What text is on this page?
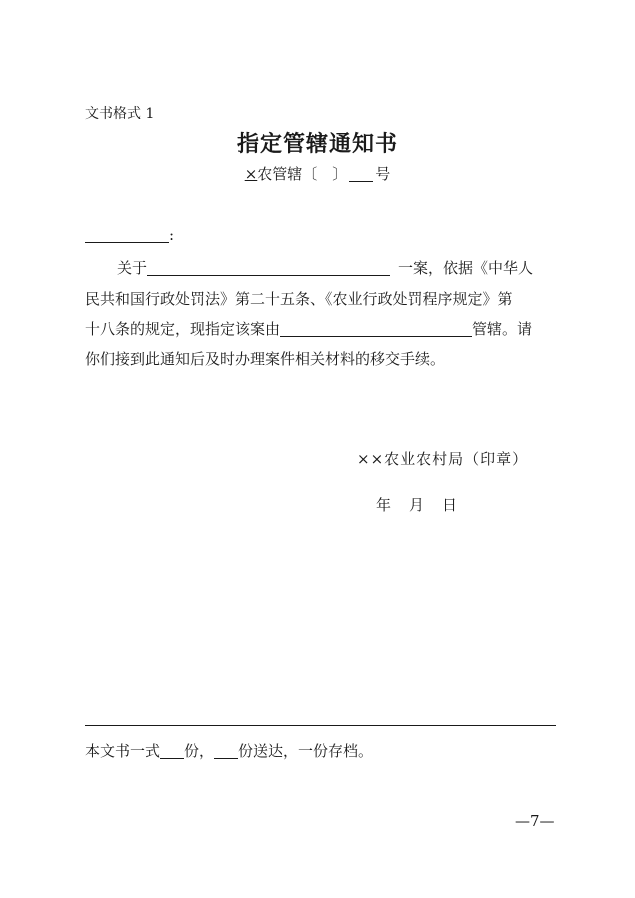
文书格式 1
指定管辖通知书
×农管辖〔　〕 号
:
关于	一案，依据《中华人
民共和国行政处罚法》第二十五条、《农业行政处罚程序规定》第
十八条的规定，现指定该案由	管辖。请
你们接到此通知后及时办理案件相关材料的移交手续。
××农业农村局（印章）
年 月 日
本文书一式 份， 份送达，一份存档。
—7—
